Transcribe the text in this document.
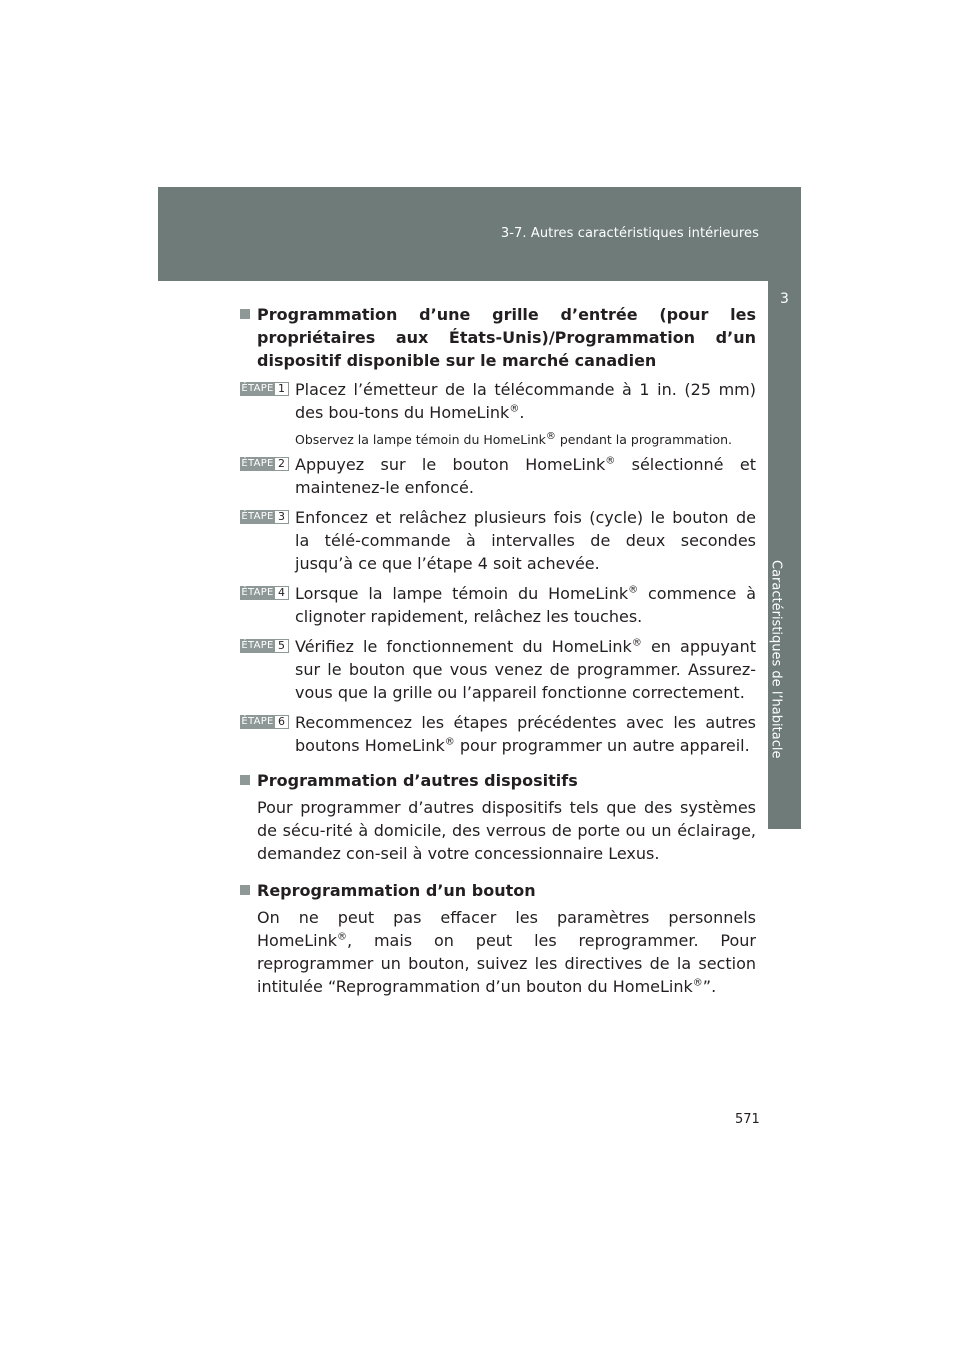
3-7. Autres caractéristiques intérieures
3
Caractéristiques de l’habitacle
Programmation d’une grille d’entrée (pour les propriétaires aux États-Unis)/Programmation d’un dispositif disponible sur le marché canadien
ÉTAPE 1 Placez l’émetteur de la télécommande à 1 in. (25 mm) des bou-tons du HomeLink®.
Observez la lampe témoin du HomeLink® pendant la programmation.
ÉTAPE 2 Appuyez sur le bouton HomeLink® sélectionné et maintenez-le enfoncé.
ÉTAPE 3 Enfoncez et relâchez plusieurs fois (cycle) le bouton de la télé-commande à intervalles de deux secondes jusqu’à ce que l’étape 4 soit achevée.
ÉTAPE 4 Lorsque la lampe témoin du HomeLink® commence à clignoter rapidement, relâchez les touches.
ÉTAPE 5 Vérifiez le fonctionnement du HomeLink® en appuyant sur le bouton que vous venez de programmer. Assurez-vous que la grille ou l’appareil fonctionne correctement.
ÉTAPE 6 Recommencez les étapes précédentes avec les autres boutons HomeLink® pour programmer un autre appareil.
Programmation d’autres dispositifs
Pour programmer d’autres dispositifs tels que des systèmes de sécu-rité à domicile, des verrous de porte ou un éclairage, demandez con-seil à votre concessionnaire Lexus.
Reprogrammation d’un bouton
On ne peut pas effacer les paramètres personnels HomeLink®, mais on peut les reprogrammer. Pour reprogrammer un bouton, suivez les directives de la section intitulée “Reprogrammation d’un bouton du HomeLink®”.
571
